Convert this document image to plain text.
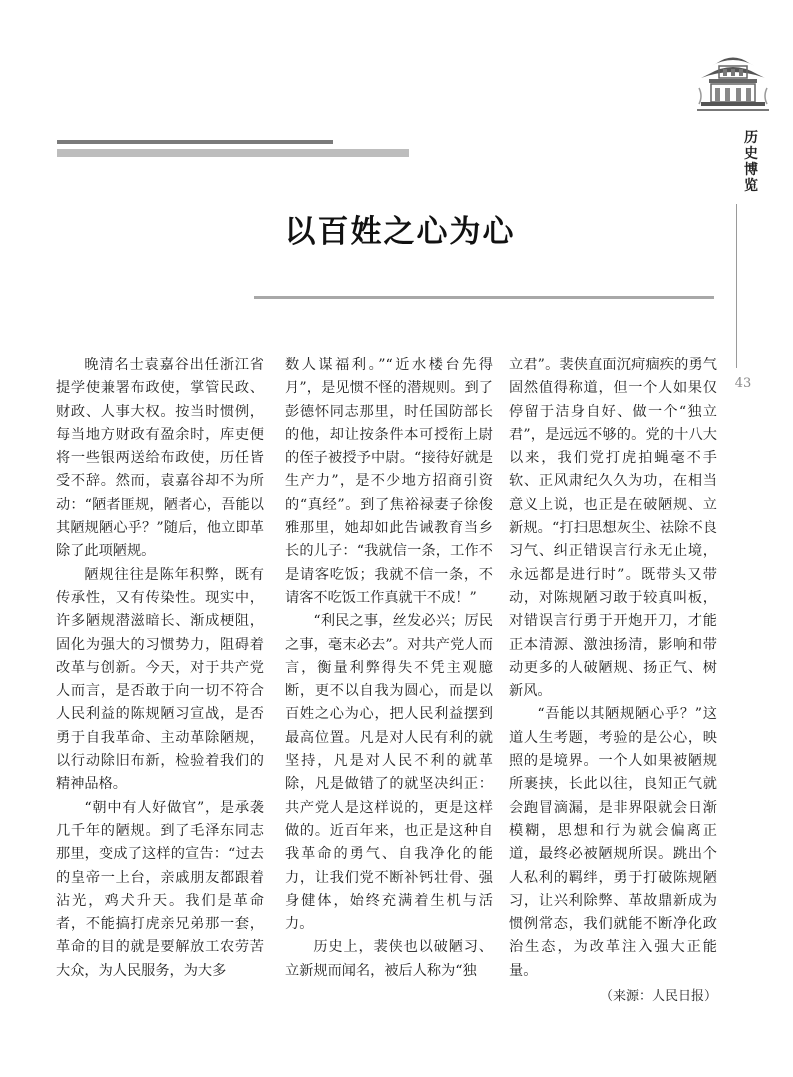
历史博览
43
以百姓之心为心

晚清名士袁嘉谷出任浙江省提学使兼署布政使，掌管民政、财政、人事大权。按当时惯例，每当地方财政有盈余时，库吏便将一些银两送给布政使，历任皆受不辞。然而，袁嘉谷却不为所动：“陋者匪规，陋者心，吾能以其陋规陋心乎？”随后，他立即革除了此项陋规。

陋规往往是陈年积弊，既有传承性，又有传染性。现实中，许多陋规潜滋暗长、渐成梗阻，固化为强大的习惯势力，阻碍着改革与创新。今天，对于共产党人而言，是否敢于向一切不符合人民利益的陈规陋习宣战，是否勇于自我革命、主动革除陋规，以行动除旧布新，检验着我们的精神品格。

“朝中有人好做官”，是承袭几千年的陋规。到了毛泽东同志那里，变成了这样的宣告：“过去的皇帝一上台，亲戚朋友都跟着沾光，鸡犬升天。我们是革命者，不能搞打虎亲兄弟那一套，革命的目的就是要解放工农劳苦大众，为人民服务，为大多

数人谋福利。”“近水楼台先得月”，是见惯不怪的潜规则。到了彭德怀同志那里，时任国防部长的他，却让按条件本可授衔上尉的侄子被授予中尉。“接待好就是生产力”，是不少地方招商引资的“真经”。到了焦裕禄妻子徐俊雅那里，她却如此告诫教育当乡长的儿子：“我就信一条，工作不是请客吃饭；我就不信一条，不请客不吃饭工作真就干不成！”

“利民之事，丝发必兴；厉民之事，毫末必去”。对共产党人而言，衡量利弊得失不凭主观臆断，更不以自我为圆心，而是以百姓之心为心，把人民利益摆到最高位置。凡是对人民有利的就坚持，凡是对人民不利的就革除，凡是做错了的就坚决纠正：共产党人是这样说的，更是这样做的。近百年来，也正是这种自我革命的勇气、自我净化的能力，让我们党不断补钙壮骨、强身健体，始终充满着生机与活力。

历史上，裴侠也以破陋习、立新规而闻名，被后人称为“独

立君”。裴侠直面沉疴痼疾的勇气固然值得称道，但一个人如果仅停留于洁身自好、做一个“独立君”，是远远不够的。党的十八大以来，我们党打虎拍蝇毫不手软、正风肃纪久久为功，在相当意义上说，也正是在破陋规、立新规。“打扫思想灰尘、祛除不良习气、纠正错误言行永无止境，永远都是进行时”。既带头又带动，对陈规陋习敢于较真叫板，对错误言行勇于开炮开刀，才能正本清源、激浊扬清，影响和带动更多的人破陋规、扬正气、树新风。

“吾能以其陋规陋心乎？”这道人生考题，考验的是公心，映照的是境界。一个人如果被陋规所裹挟，长此以往，良知正气就会跑冒滴漏，是非界限就会日渐模糊，思想和行为就会偏离正道，最终必被陋规所误。跳出个人私利的羁绊，勇于打破陈规陋习，让兴利除弊、革故鼎新成为惯例常态，我们就能不断净化政治生态，为改革注入强大正能量。

（来源：人民日报）
